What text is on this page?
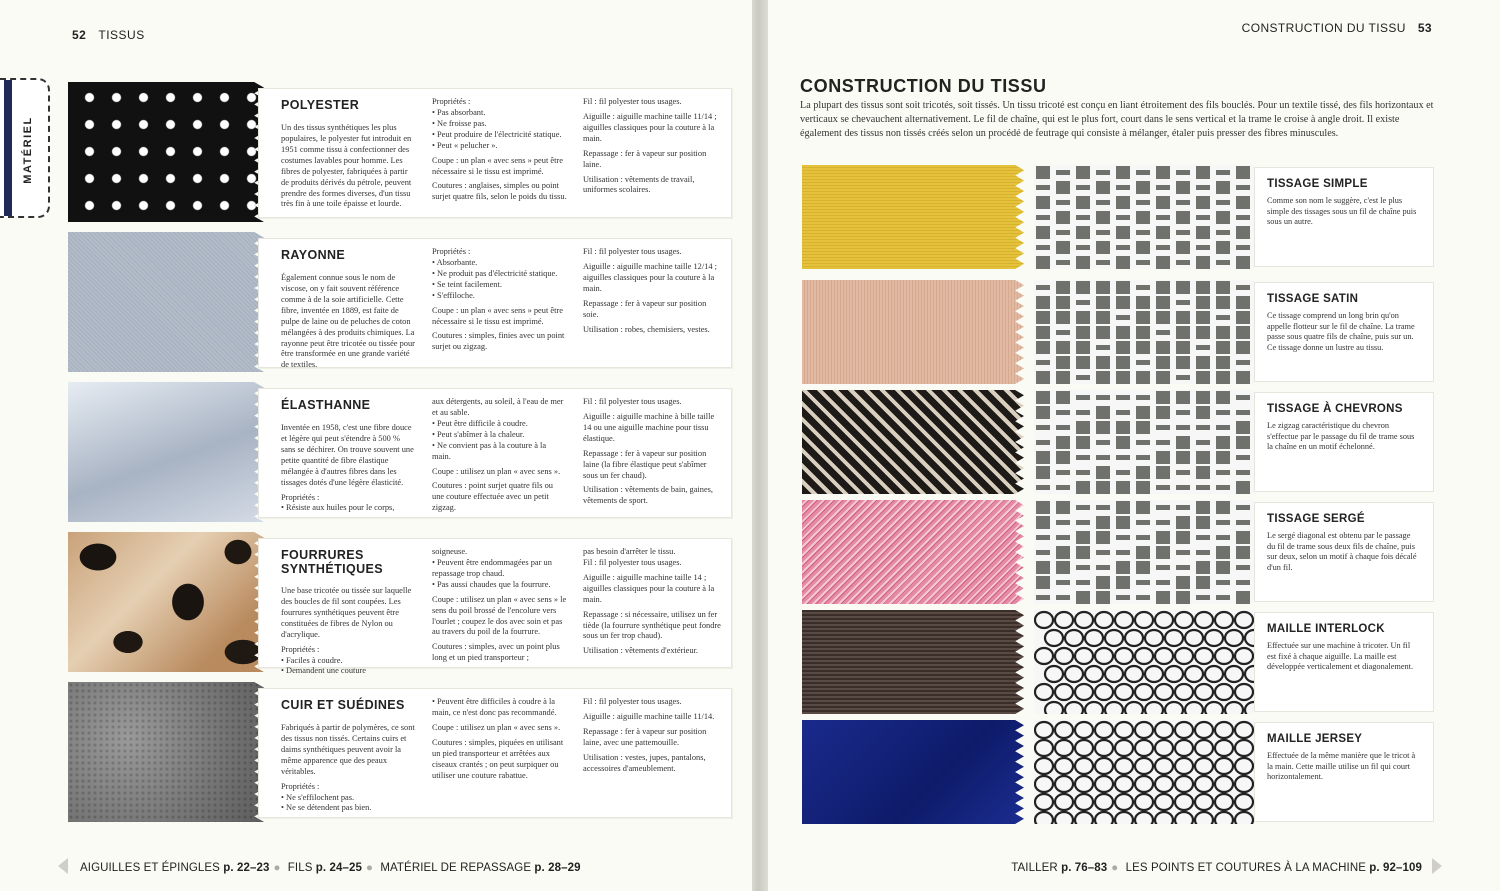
52 TISSUS
MATÉRIEL
POLYESTER
Un des tissus synthétiques les plus populaires, le polyester fut introduit en 1951 comme tissu à confectionner des costumes lavables pour homme. Les fibres de polyester, fabriquées à partir de produits dérivés du pétrole, peuvent prendre des formes diverses, d'un tissu très fin à une toile épaisse et lourde.
Propriétés :
• Pas absorbant.
• Ne froisse pas.
• Peut produire de l'électricité statique.
• Peut « pelucher ».
Coupe : un plan « avec sens » peut être nécessaire si le tissu est imprimé.
Coutures : anglaises, simples ou point surjet quatre fils, selon le poids du tissu.
Fil : fil polyester tous usages.
Aiguille : aiguille machine taille 11/14 ; aiguilles classiques pour la couture à la main.
Repassage : fer à vapeur sur position laine.
Utilisation : vêtements de travail, uniformes scolaires.
RAYONNE
Également connue sous le nom de viscose, on y fait souvent référence comme à de la soie artificielle. Cette fibre, inventée en 1889, est faite de pulpe de laine ou de peluches de coton mélangées à des produits chimiques. La rayonne peut être tricotée ou tissée pour être transformée en une grande variété de textiles.
Propriétés :
• Absorbante.
• Ne produit pas d'électricité statique.
• Se teint facilement.
• S'effiloche.
Coupe : un plan « avec sens » peut être nécessaire si le tissu est imprimé.
Coutures : simples, finies avec un point surjet ou zigzag.
Fil : fil polyester tous usages.
Aiguille : aiguille machine taille 12/14 ; aiguilles classiques pour la couture à la main.
Repassage : fer à vapeur sur position soie.
Utilisation : robes, chemisiers, vestes.
ÉLASTHANNE
Inventée en 1958, c'est une fibre douce et légère qui peut s'étendre à 500 % sans se déchirer. On trouve souvent une petite quantité de fibre élastique mélangée à d'autres fibres dans les tissages dotés d'une légère élasticité.
Propriétés :
• Résiste aux huiles pour le corps,
aux détergents, au soleil, à l'eau de mer et au sable.
• Peut être difficile à coudre.
• Peut s'abîmer à la chaleur.
• Ne convient pas à la couture à la main.
Coupe : utilisez un plan « avec sens ».
Coutures : point surjet quatre fils ou une couture effectuée avec un petit zigzag.
Fil : fil polyester tous usages.
Aiguille : aiguille machine à bille taille 14 ou une aiguille machine pour tissu élastique.
Repassage : fer à vapeur sur position laine (la fibre élastique peut s'abîmer sous un fer chaud).
Utilisation : vêtements de bain, gaines, vêtements de sport.
FOURRURES SYNTHÉTIQUES
Une base tricotée ou tissée sur laquelle des boucles de fil sont coupées. Les fourrures synthétiques peuvent être constituées de fibres de Nylon ou d'acrylique.
Propriétés :
• Faciles à coudre.
• Demandent une couture
soigneuse.
• Peuvent être endommagées par un repassage trop chaud.
• Pas aussi chaudes que la fourrure.
Coupe : utilisez un plan « avec sens » le sens du poil brossé de l'encolure vers l'ourlet ; coupez le dos avec soin et pas au travers du poil de la fourrure.
Coutures : simples, avec un point plus long et un pied transporteur ;
pas besoin d'arrêter le tissu.
Fil : fil polyester tous usages.
Aiguille : aiguille machine taille 14 ; aiguilles classiques pour la couture à la main.
Repassage : si nécessaire, utilisez un fer tiède (la fourrure synthétique peut fondre sous un fer trop chaud).
Utilisation : vêtements d'extérieur.
CUIR ET SUÉDINES
Fabriqués à partir de polymères, ce sont des tissus non tissés. Certains cuirs et daims synthétiques peuvent avoir la même apparence que des peaux véritables.
Propriétés :
• Ne s'effilochent pas.
• Ne se détendent pas bien.
• Peuvent être difficiles à coudre à la main, ce n'est donc pas recommandé.
Coupe : utilisez un plan « avec sens ».
Coutures : simples, piquées en utilisant un pied transporteur et arrêtées aux ciseaux crantés ; on peut surpiquer ou utiliser une couture rabattue.
Fil : fil polyester tous usages.
Aiguille : aiguille machine taille 11/14.
Repassage : fer à vapeur sur position laine, avec une pattemouille.
Utilisation : vestes, jupes, pantalons, accessoires d'ameublement.
AIGUILLES ET ÉPINGLES p. 22–23 ● FILS p. 24–25 ● MATÉRIEL DE REPASSAGE p. 28–29
CONSTRUCTION DU TISSU 53
CONSTRUCTION DU TISSU

La plupart des tissus sont soit tricotés, soit tissés. Un tissu tricoté est conçu en liant étroitement des fils bouclés. Pour un textile tissé, des fils horizontaux et verticaux se chevauchent alternativement. Le fil de chaîne, qui est le plus fort, court dans le sens vertical et la trame le croise à angle droit. Il existe également des tissus non tissés créés selon un procédé de feutrage qui consiste à mélanger, étaler puis presser des fibres minuscules.

TISSAGE SIMPLE

Comme son nom le suggère, c'est le plus simple des tissages sous un fil de chaîne puis sous un autre.

TISSAGE SATIN

Ce tissage comprend un long brin qu'on appelle flotteur sur le fil de chaîne. La trame passe sous quatre fils de chaîne, puis sur un. Ce tissage donne un lustre au tissu.

TISSAGE À CHEVRONS

Le zigzag caractéristique du chevron s'effectue par le passage du fil de trame sous la chaîne en un motif échelonné.

TISSAGE SERGÉ

Le sergé diagonal est obtenu par le passage du fil de trame sous deux fils de chaîne, puis sur deux, selon un motif à chaque fois décalé d'un fil.

MAILLE INTERLOCK

Effectuée sur une machine à tricoter. Un fil est fixé à chaque aiguille. La maille est développée verticalement et diagonalement.

MAILLE JERSEY

Effectuée de la même manière que le tricot à la main. Cette maille utilise un fil qui court horizontalement.

TAILLER p. 76–83 ● LES POINTS ET COUTURES À LA MACHINE p. 92–109
